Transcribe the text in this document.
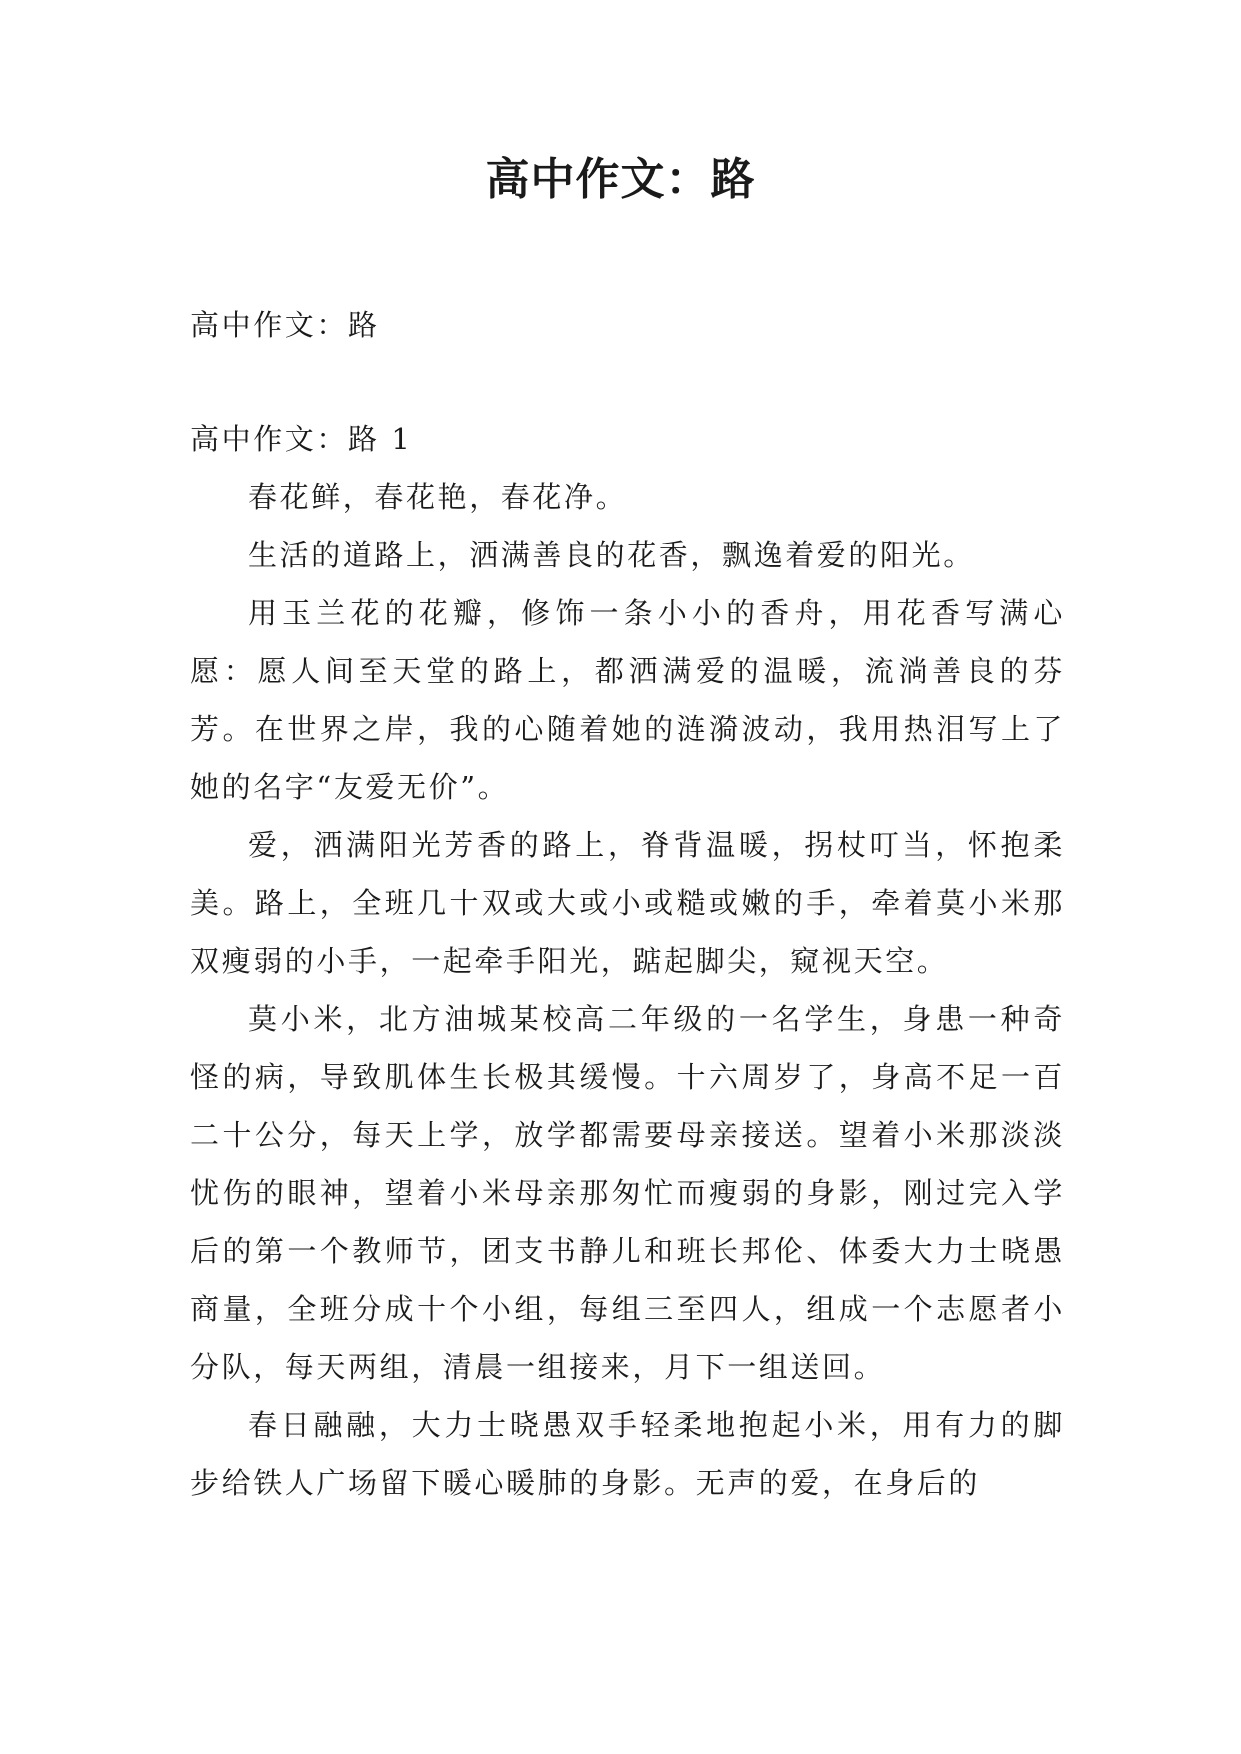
高中作文：路

高中作文：路

高中作文：路 1

春花鲜，春花艳，春花净。

生活的道路上，洒满善良的花香，飘逸着爱的阳光。

用玉兰花的花瓣，修饰一条小小的香舟，用花香写满心愿：愿人间至天堂的路上，都洒满爱的温暖，流淌善良的芬芳。在世界之岸，我的心随着她的涟漪波动，我用热泪写上了她的名字“友爱无价”。

爱，洒满阳光芳香的路上，脊背温暖，拐杖叮当，怀抱柔美。路上，全班几十双或大或小或糙或嫩的手，牵着莫小米那双瘦弱的小手，一起牵手阳光，踮起脚尖，窥视天空。

莫小米，北方油城某校高二年级的一名学生，身患一种奇怪的病，导致肌体生长极其缓慢。十六周岁了，身高不足一百二十公分，每天上学，放学都需要母亲接送。望着小米那淡淡忧伤的眼神，望着小米母亲那匆忙而瘦弱的身影，刚过完入学后的第一个教师节，团支书静儿和班长邦伦、体委大力士晓愚商量，全班分成十个小组，每组三至四人，组成一个志愿者小分队，每天两组，清晨一组接来，月下一组送回。

春日融融，大力士晓愚双手轻柔地抱起小米，用有力的脚步给铁人广场留下暖心暖肺的身影。无声的爱，在身后的
